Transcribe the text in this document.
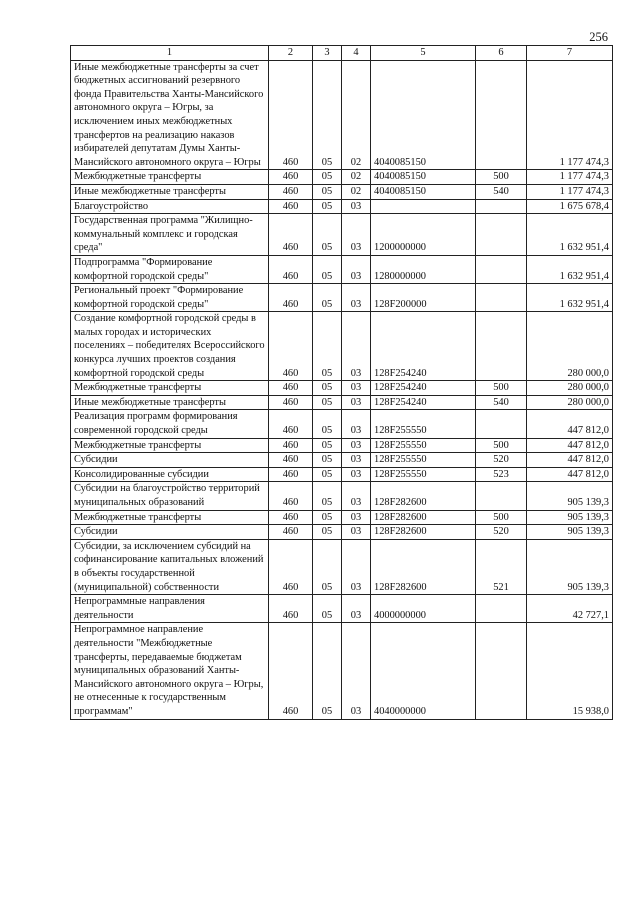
256
1	2	3	4	5	6	7
Иные межбюджетные трансферты за счет бюджетных ассигнований резервного фонда Правительства Ханты-Мансийского автономного округа – Югры, за исключением иных межбюджетных трансфертов на реализацию наказов избирателей депутатам Думы Ханты-Мансийского автономного округа – Югры	460	05	02	4040085150		1 177 474,3
Межбюджетные трансферты	460	05	02	4040085150	500	1 177 474,3
Иные межбюджетные трансферты	460	05	02	4040085150	540	1 177 474,3
Благоустройство	460	05	03			1 675 678,4
Государственная программа "Жилищно-коммунальный комплекс и городская среда"	460	05	03	1200000000		1 632 951,4
Подпрограмма "Формирование комфортной городской среды"	460	05	03	1280000000		1 632 951,4
Региональный проект "Формирование комфортной городской среды"	460	05	03	128F200000		1 632 951,4
Создание комфортной городской среды в малых городах и исторических поселениях – победителях Всероссийского конкурса лучших проектов создания комфортной городской среды	460	05	03	128F254240		280 000,0
Межбюджетные трансферты	460	05	03	128F254240	500	280 000,0
Иные межбюджетные трансферты	460	05	03	128F254240	540	280 000,0
Реализация программ формирования современной городской среды	460	05	03	128F255550		447 812,0
Межбюджетные трансферты	460	05	03	128F255550	500	447 812,0
Субсидии	460	05	03	128F255550	520	447 812,0
Консолидированные субсидии	460	05	03	128F255550	523	447 812,0
Субсидии на благоустройство территорий муниципальных образований	460	05	03	128F282600		905 139,3
Межбюджетные трансферты	460	05	03	128F282600	500	905 139,3
Субсидии	460	05	03	128F282600	520	905 139,3
Субсидии, за исключением субсидий на софинансирование капитальных вложений в объекты государственной (муниципальной) собственности	460	05	03	128F282600	521	905 139,3
Непрограммные направления деятельности	460	05	03	4000000000		42 727,1
Непрограммное направление деятельности "Межбюджетные трансферты, передаваемые бюджетам муниципальных образований Ханты-Мансийского автономного округа – Югры, не отнесенные к государственным программам"	460	05	03	4040000000		15 938,0
